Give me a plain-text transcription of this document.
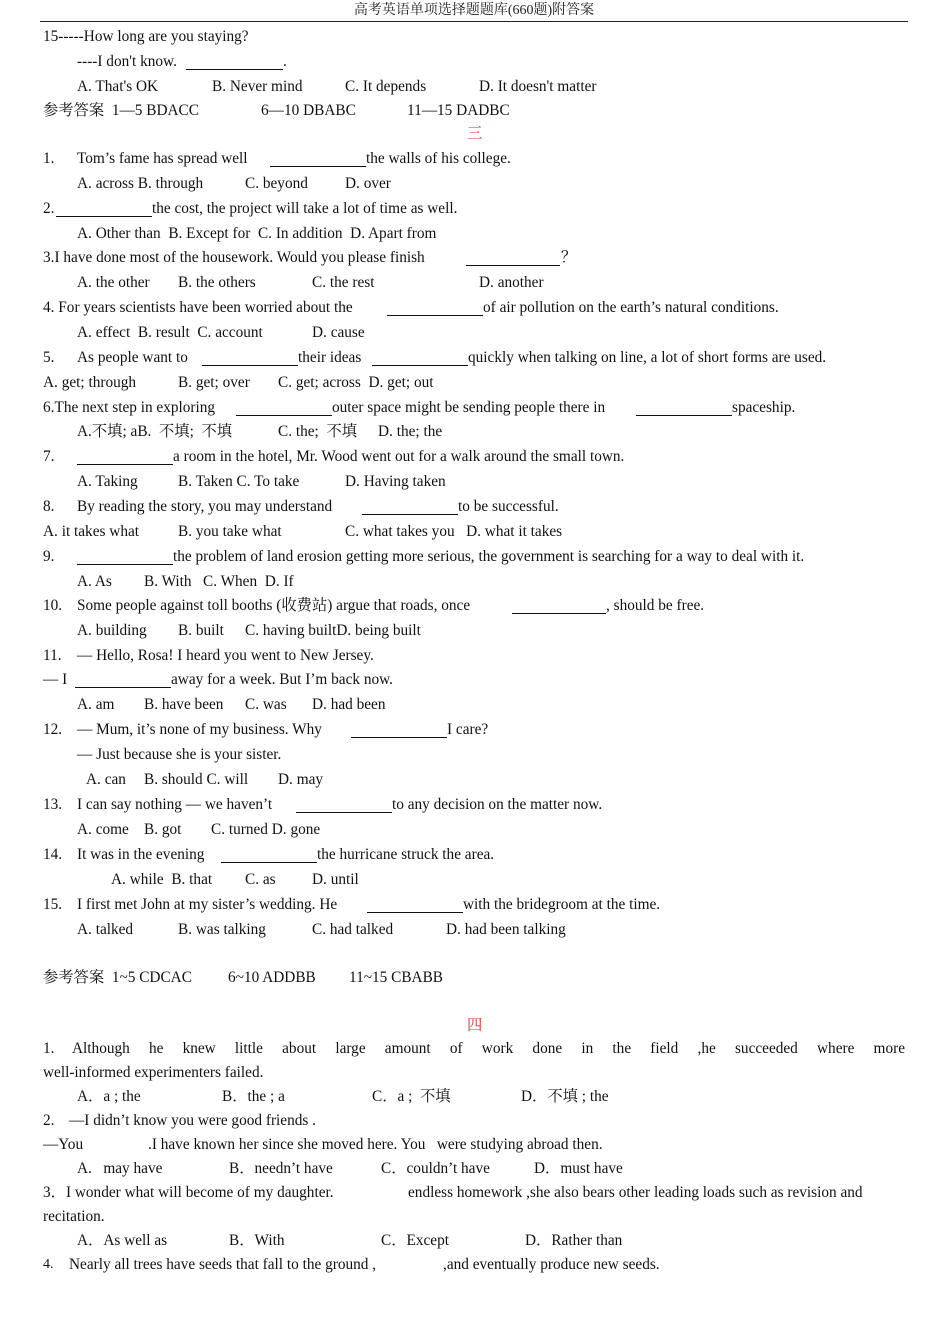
高考英语单项选择题题库(660题)附答案
15-----How long are you staying?
----I don't know.	.
A. That's OK	B. Never mind	C. It depends	D. It doesn't matter
参考答案  1—5 BDACC	6—10 DBABC	11—15 DADBC
三
1. Tom’s fame has spread well	the walls of his college.
A. across B. through	C. beyond D. over
2.	the cost, the project will take a lot of time as well.
A. Other than  B. Except for  C. In addition  D. Apart from
3.I have done most of the housework. Would you please finish	？
A. the other B. the others	C. the rest	D. another
4. For years scientists have been worried about the	of air pollution on the earth’s natural conditions.
A. effect  B. result  C. account	D. cause
5. As people want to	their ideas	quickly when talking on line, a lot of short forms are used.
A. get; through	B. get; over C. get; across  D. get; out
6.The next step in exploring	outer space might be sending people there in	spaceship.
A.不填; aB.  不填;  不填	C. the;  不填 D. the; the
7.	a room in the hotel, Mr. Wood went out for a walk around the small town.
A. Taking	B. Taken C. To take	D. Having taken
8. By reading the story, you may understand	to be successful.
A. it takes what	B. you take what	C. what takes you   D. what it takes
9.	the problem of land erosion getting more serious, the government is searching for a way to deal with it.
A. As B. With   C. When  D. If
10. Some people against toll booths (收费站) argue that roads, once	, should be free.
A. building B. built C. having builtD. being built
11. — Hello, Rosa! I heard you went to New Jersey.
— I	away for a week. But I’m back now.
A. am B. have been C. was D. had been
12. — Mum, it’s none of my business. Why	I care?
— Just because she is your sister.
A. can B. should C. will D. may
13. I can say nothing — we haven’t	to any decision on the matter now.
A. come B. got C. turned D. gone
14. It was in the evening	the hurricane struck the area.
A. while  B. that C. as D. until
15. I first met John at my sister’s wedding. He	with the bridegroom at the time.
A. talked	B. was talking	C. had talked	D. had been talking
参考答案  1~5 CDCAC 6~10 ADDBB 11~15 CBABB
四
1. Although he knew little about large amount of work done in the field ,he succeeded where more
well-informed experimenters failed.
A．a ; the	B．the ; a	C．a ;  不填	D．不填 ; the
2. —I didn’t know you were good friends .
—You	.I have known her since she moved here. You   were studying abroad then.
A.   may have	B．needn’t have	C．couldn’t have	D．must have
3．I wonder what will become of my daughter.	endless homework ,she also bears other leading loads such as revision and
recitation.
A．As well as	B．With	C．Except	D．Rather than
4. Nearly all trees have seeds that fall to the ground ,	,and eventually produce new seeds.
